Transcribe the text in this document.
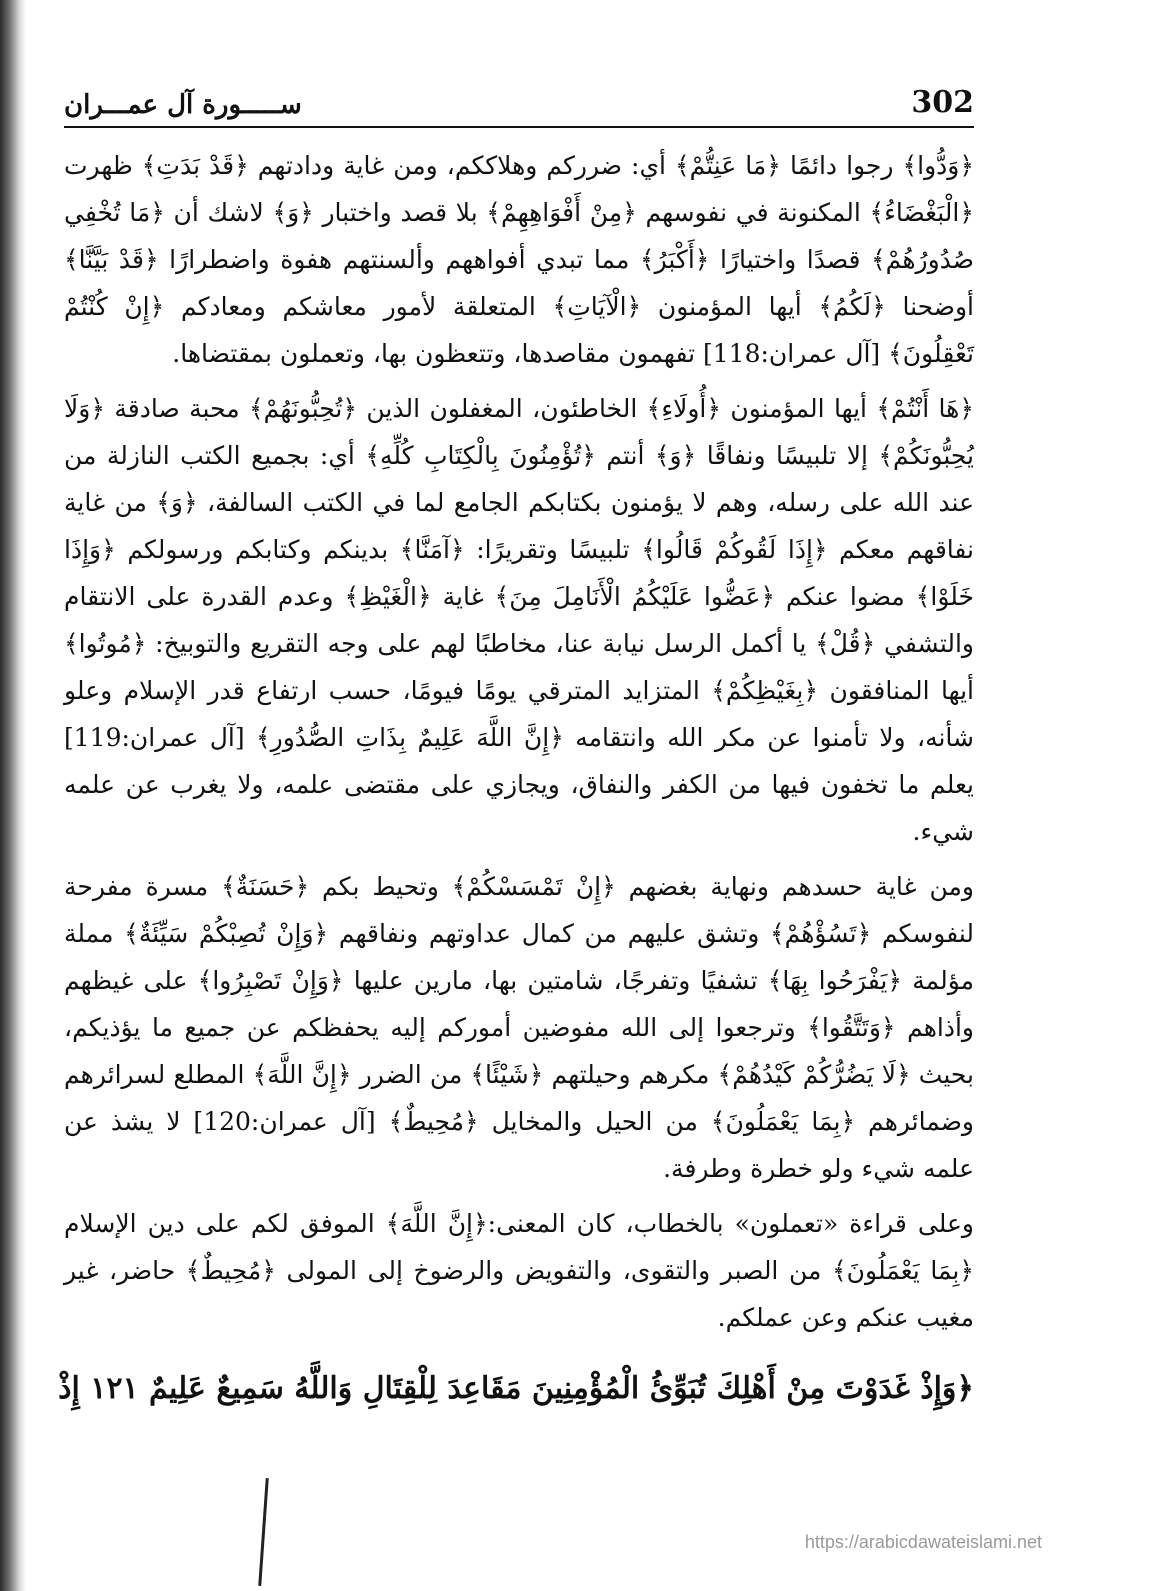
302
ســـــورة آل عمـــران

﴿وَدُّوا﴾ رجوا دائمًا ﴿مَا عَنِتُّمْ﴾ أي: ضرركم وهلاككم، ومن غاية ودادتهم ﴿قَدْ بَدَتِ﴾ ظهرت ﴿الْبَغْضَاءُ﴾ المكنونة في نفوسهم ﴿مِنْ أَفْوَاهِهِمْ﴾ بلا قصد واختبار ﴿وَ﴾ لاشك أن ﴿مَا تُخْفِي صُدُورُهُمْ﴾ قصدًا واختيارًا ﴿أَكْبَرُ﴾ مما تبدي أفواههم وألسنتهم هفوة واضطرارًا ﴿قَدْ بَيَّنَّا﴾ أوضحنا ﴿لَكُمُ﴾ أيها المؤمنون ﴿الْآيَاتِ﴾ المتعلقة لأمور معاشكم ومعادكم ﴿إِنْ كُنْتُمْ تَعْقِلُونَ﴾ [آل عمران:118] تفهمون مقاصدها، وتتعظون بها، وتعملون بمقتضاها.

﴿هَا أَنْتُمْ﴾ أيها المؤمنون ﴿أُولَاءِ﴾ الخاطئون، المغفلون الذين ﴿تُحِبُّونَهُمْ﴾ محبة صادقة ﴿وَلَا يُحِبُّونَكُمْ﴾ إلا تلبيسًا ونفاقًا ﴿وَ﴾ أنتم ﴿تُؤْمِنُونَ بِالْكِتَابِ كُلِّهِ﴾ أي: بجميع الكتب النازلة من عند الله على رسله، وهم لا يؤمنون بكتابكم الجامع لما في الكتب السالفة، ﴿وَ﴾ من غاية نفاقهم معكم ﴿إِذَا لَقُوكُمْ قَالُوا﴾ تلبيسًا وتقريرًا: ﴿آمَنَّا﴾ بدينكم وكتابكم ورسولكم ﴿وَإِذَا خَلَوْا﴾ مضوا عنكم ﴿عَضُّوا عَلَيْكُمُ الْأَنَامِلَ مِنَ﴾ غاية ﴿الْغَيْظِ﴾ وعدم القدرة على الانتقام والتشفي ﴿قُلْ﴾ يا أكمل الرسل نيابة عنا، مخاطبًا لهم على وجه التقريع والتوبيخ: ﴿مُوتُوا﴾ أيها المنافقون ﴿بِغَيْظِكُمْ﴾ المتزايد المترقي يومًا فيومًا، حسب ارتفاع قدر الإسلام وعلو شأنه، ولا تأمنوا عن مكر الله وانتقامه ﴿إِنَّ اللَّهَ عَلِيمٌ بِذَاتِ الصُّدُورِ﴾ [آل عمران:119] يعلم ما تخفون فيها من الكفر والنفاق، ويجازي على مقتضى علمه، ولا يغرب عن علمه شيء.

ومن غاية حسدهم ونهاية بغضهم ﴿إِنْ تَمْسَسْكُمْ﴾ وتحيط بكم ﴿حَسَنَةٌ﴾ مسرة مفرحة لنفوسكم ﴿تَسُؤْهُمْ﴾ وتشق عليهم من كمال عداوتهم ونفاقهم ﴿وَإِنْ تُصِبْكُمْ سَيِّئَةٌ﴾ مملة مؤلمة ﴿يَفْرَحُوا بِهَا﴾ تشفيًا وتفرجًا، شامتين بها، مارين عليها ﴿وَإِنْ تَصْبِرُوا﴾ على غيظهم وأذاهم ﴿وَتَتَّقُوا﴾ وترجعوا إلى الله مفوضين أموركم إليه يحفظكم عن جميع ما يؤذيكم، بحيث ﴿لَا يَضُرُّكُمْ كَيْدُهُمْ﴾ مكرهم وحيلتهم ﴿شَيْئًا﴾ من الضرر ﴿إِنَّ اللَّهَ﴾ المطلع لسرائرهم وضمائرهم ﴿بِمَا يَعْمَلُونَ﴾ من الحيل والمخايل ﴿مُحِيطٌ﴾ [آل عمران:120] لا يشذ عن علمه شيء ولو خطرة وطرفة.

وعلى قراءة «تعملون» بالخطاب، كان المعنى:﴿إِنَّ اللَّهَ﴾ الموفق لكم على دين الإسلام ﴿بِمَا يَعْمَلُونَ﴾ من الصبر والتقوى، والتفويض والرضوخ إلى المولى ﴿مُحِيطٌ﴾ حاضر، غير مغيب عنكم وعن عملكم.

﴿وَإِذْ غَدَوْتَ مِنْ أَهْلِكَ تُبَوِّئُ الْمُؤْمِنِينَ مَقَاعِدَ لِلْقِتَالِ وَاللَّهُ سَمِيعٌ عَلِيمٌ ١٢١ إِذْ
https://arabicdawateislami.net
